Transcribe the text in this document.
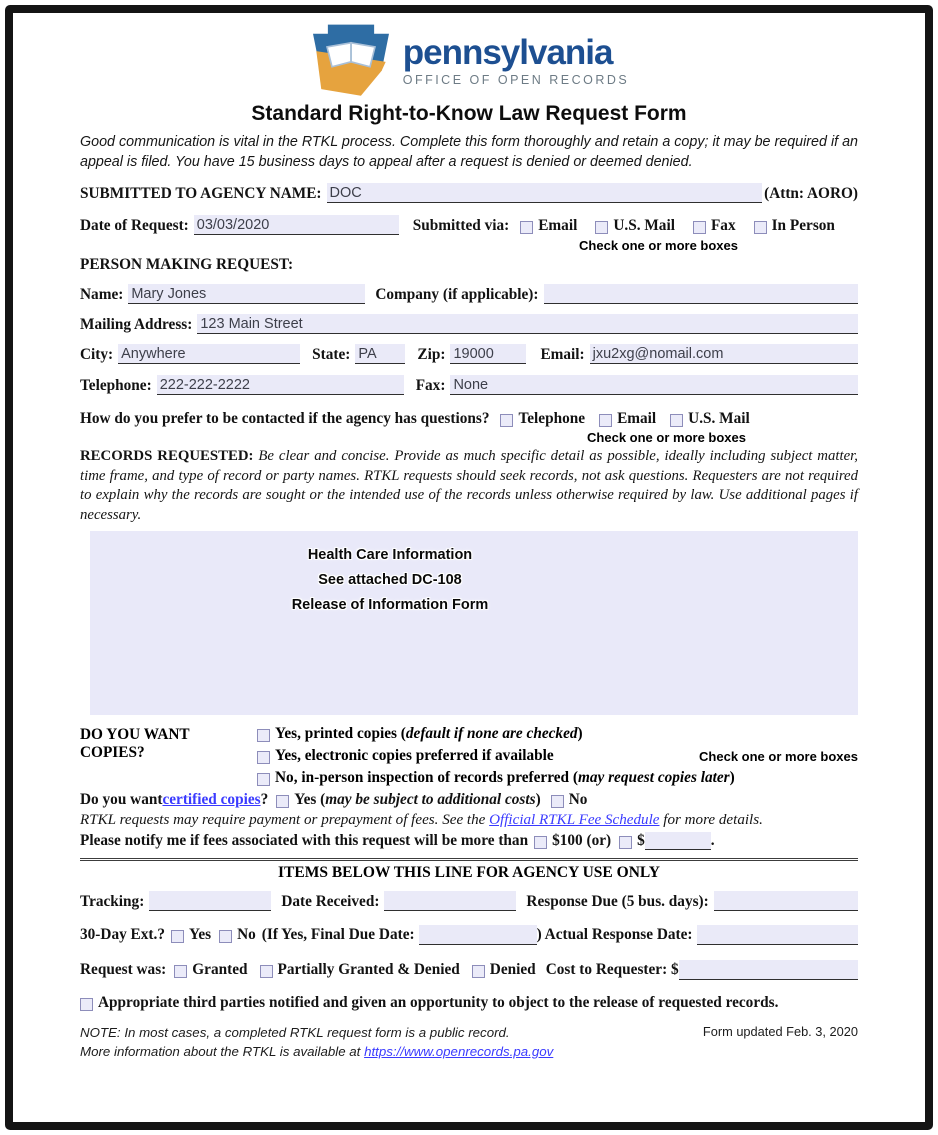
pennsylvania
OFFICE OF OPEN RECORDS
Standard Right-to-Know Law Request Form
Good communication is vital in the RTKL process. Complete this form thoroughly and retain a copy; it may be required if an appeal is filed. You have 15 business days to appeal after a request is denied or deemed denied.
SUBMITTED TO AGENCY NAME: DOC	(Attn: AORO)
Date of Request: 03/03/2020	Submitted via:	Email U.S. Mail Fax In Person
Check one or more boxes
PERSON MAKING REQUEST:
Name: Mary Jones	Company (if applicable):
Mailing Address: 123 Main Street
City: Anywhere	State: PA	Zip: 19000	Email: jxu2xg@nomail.com
Telephone: 222-222-2222	Fax: None
How do you prefer to be contacted if the agency has questions?	Telephone Email U.S. Mail
Check one or more boxes
RECORDS REQUESTED: Be clear and concise. Provide as much specific detail as possible, ideally including subject matter, time frame, and type of record or party names. RTKL requests should seek records, not ask questions. Requesters are not required to explain why the records are sought or the intended use of the records unless otherwise required by law. Use additional pages if necessary.
Health Care Information
See attached DC-108
Release of Information Form
DO YOU WANT COPIES?
Yes, printed copies ( default if none are checked )
Yes, electronic copies preferred if available	Check one or more boxes
No, in-person inspection of records preferred ( may request copies later )
Do you want certified copies ? Yes ( may be subject to additional costs ) No
RTKL requests may require payment or prepayment of fees. See the Official RTKL Fee Schedule for more details.
Please notify me if fees associated with this request will be more than $100 (or) $	.
ITEMS BELOW THIS LINE FOR AGENCY USE ONLY
Tracking:	Date Received:	Response Due (5 bus. days):
30-Day Ext.? Yes No (If Yes, Final Due Date:	) Actual Response Date:
Request was: Granted Partially Granted & Denied Denied Cost to Requester: $
Appropriate third parties notified and given an opportunity to object to the release of requested records.
NOTE: In most cases, a completed RTKL request form is a public record.
More information about the RTKL is available at https://www.openrecords.pa.gov
Form updated Feb. 3, 2020
